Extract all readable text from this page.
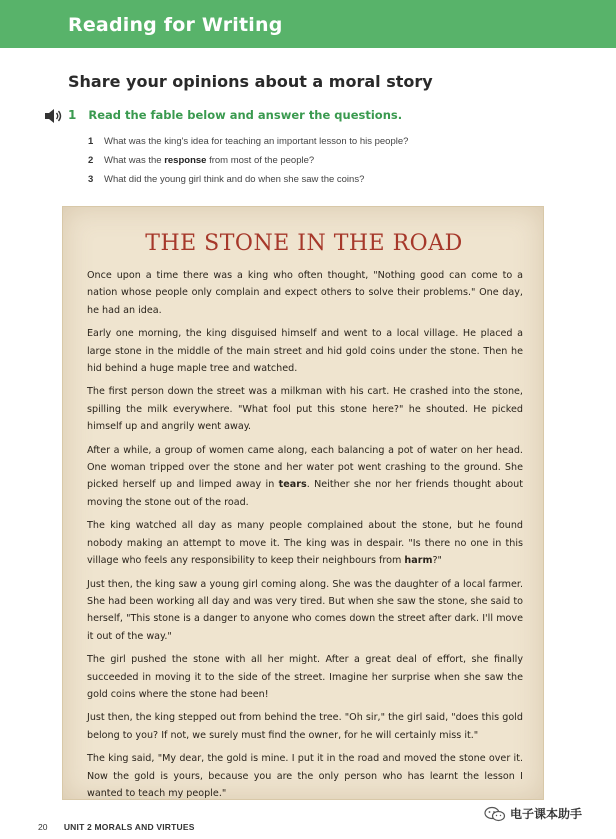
Reading for Writing
Share your opinions about a moral story
1 Read the fable below and answer the questions.
1	What was the king's idea for teaching an important lesson to his people?
2	What was the response from most of the people?
3	What did the young girl think and do when she saw the coins?
THE STONE IN THE ROAD

Once upon a time there was a king who often thought, "Nothing good can come to a nation whose people only complain and expect others to solve their problems." One day, he had an idea.

Early one morning, the king disguised himself and went to a local village. He placed a large stone in the middle of the main street and hid gold coins under the stone. Then he hid behind a huge maple tree and watched.

The first person down the street was a milkman with his cart. He crashed into the stone, spilling the milk everywhere. "What fool put this stone here?" he shouted. He picked himself up and angrily went away.

After a while, a group of women came along, each balancing a pot of water on her head. One woman tripped over the stone and her water pot went crashing to the ground. She picked herself up and limped away in tears. Neither she nor her friends thought about moving the stone out of the road.

The king watched all day as many people complained about the stone, but he found nobody making an attempt to move it. The king was in despair. "Is there no one in this village who feels any responsibility to keep their neighbours from harm?"

Just then, the king saw a young girl coming along. She was the daughter of a local farmer. She had been working all day and was very tired. But when she saw the stone, she said to herself, "This stone is a danger to anyone who comes down the street after dark. I'll move it out of the way."

The girl pushed the stone with all her might. After a great deal of effort, she finally succeeded in moving it to the side of the street. Imagine her surprise when she saw the gold coins where the stone had been!

Just then, the king stepped out from behind the tree. "Oh sir," the girl said, "does this gold belong to you? If not, we surely must find the owner, for he will certainly miss it."

The king said, "My dear, the gold is mine. I put it in the road and moved the stone over it. Now the gold is yours, because you are the only person who has learnt the lesson I wanted to teach my people."

20 UNIT 2 MORALS AND VIRTUES
电子课本助手
